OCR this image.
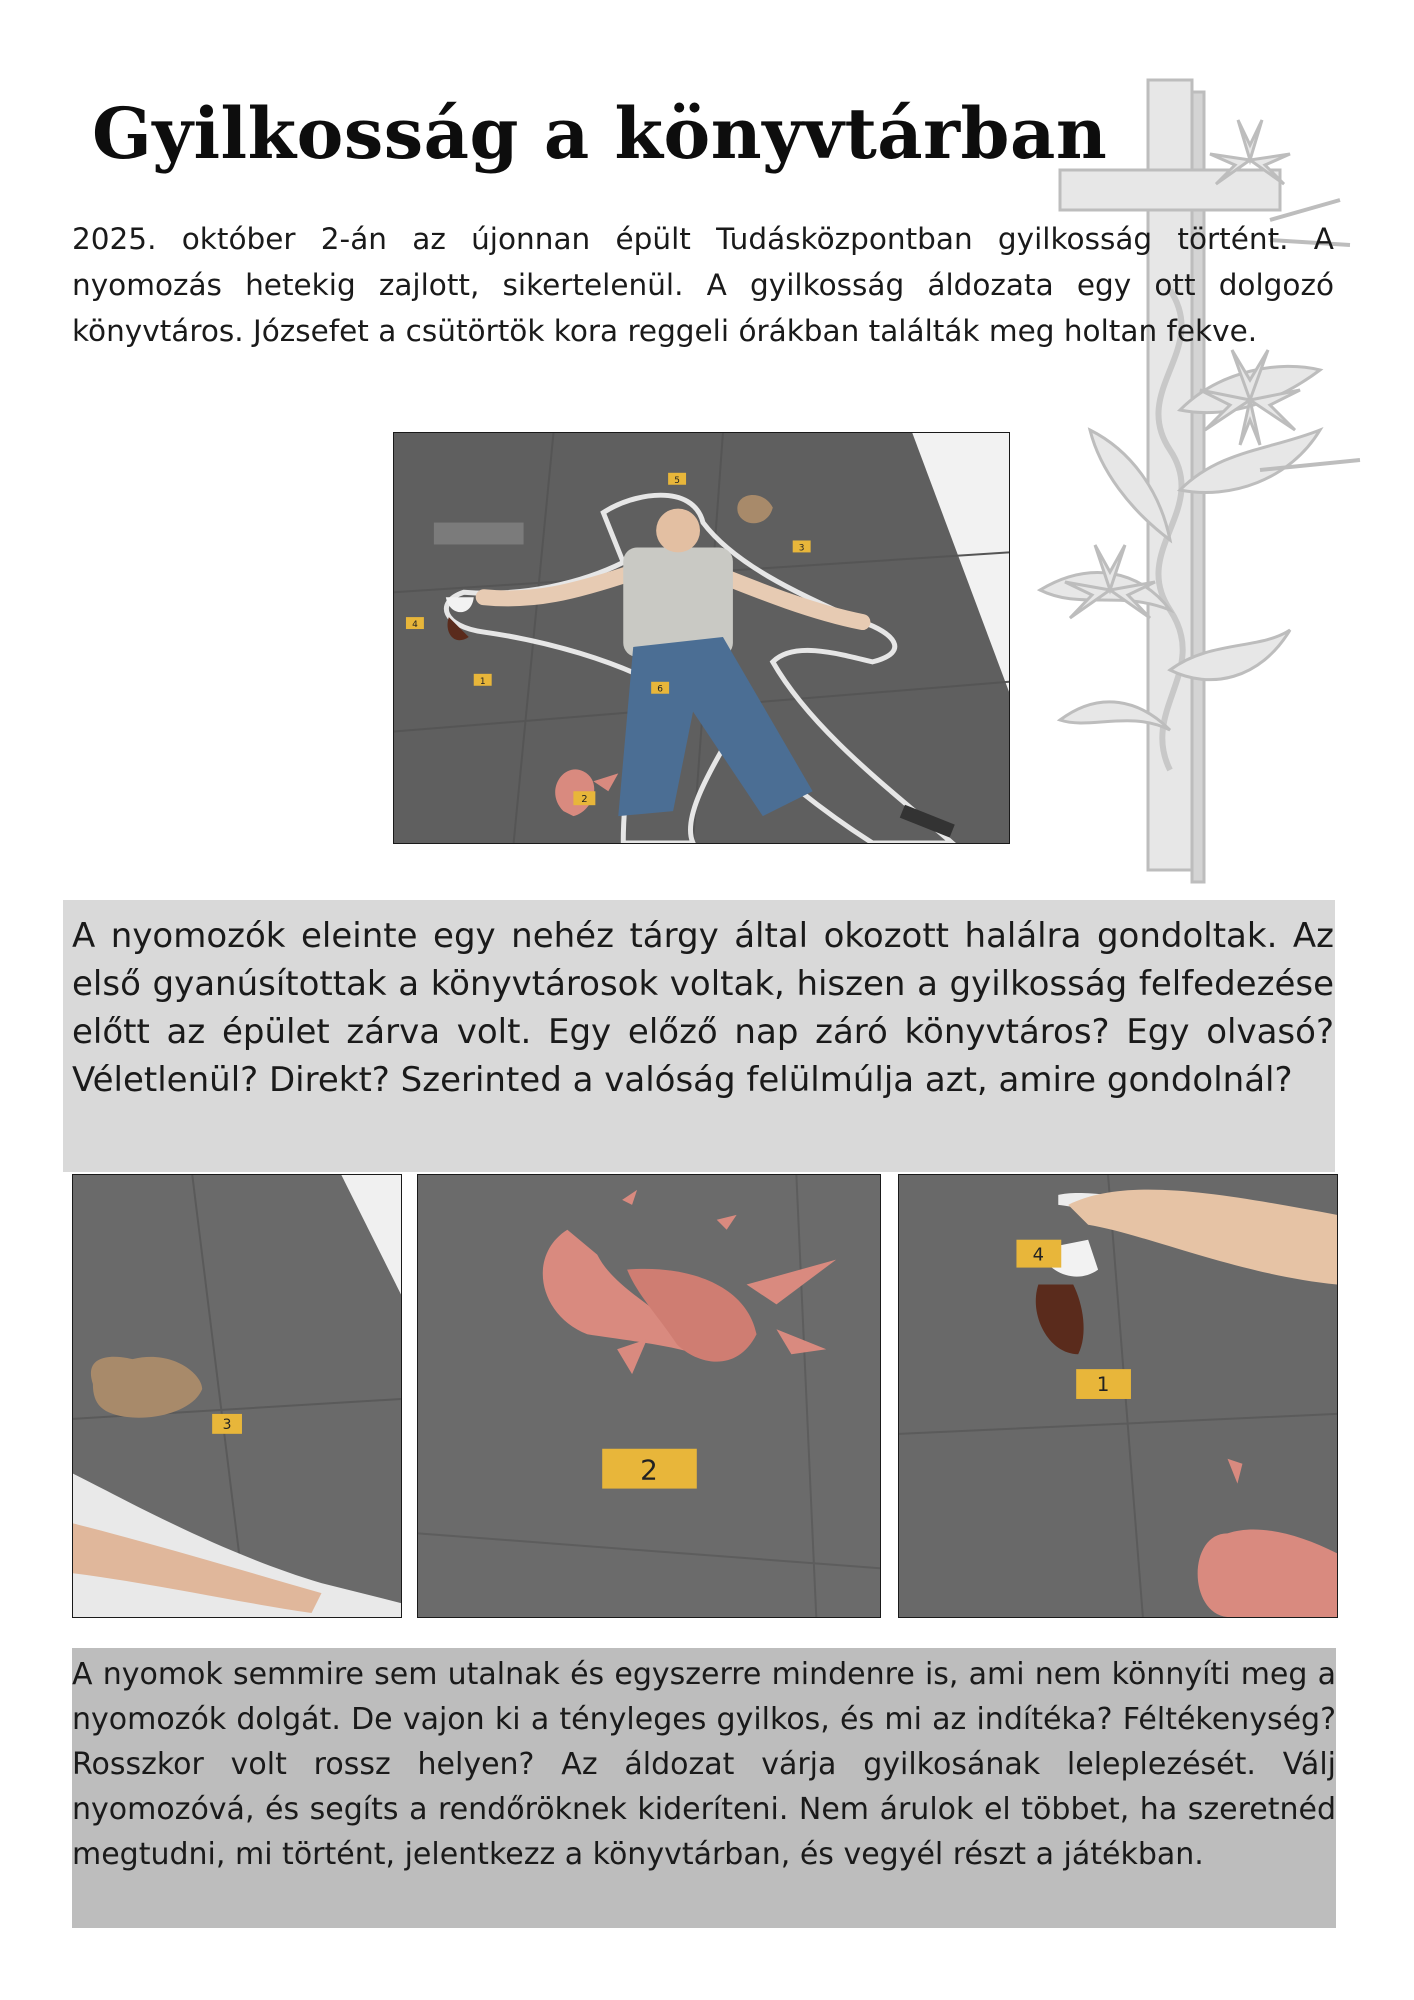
Gyilkosság a könyvtárban

2025. október 2-án az újonnan épült Tudásközpontban gyilkosság történt. A nyomozás hetekig zajlott, sikertelenül. A gyilkosság áldozata egy ott dolgozó könyvtáros. Józsefet a csütörtök kora reggeli órákban találták meg holtan fekve.

5
3
4
1
6
2

A nyomozók eleinte egy nehéz tárgy által okozott halálra gondoltak. Az első gyanúsítottak a könyvtárosok voltak, hiszen a gyilkosság felfedezése előtt az épület zárva volt. Egy előző nap záró könyvtáros? Egy olvasó? Véletlenül? Direkt? Szerinted a valóság felülmúlja azt, amire gondolnál?

3
2
4
1

A nyomok semmire sem utalnak és egyszerre mindenre is, ami nem könnyíti meg a nyomozók dolgát. De vajon ki a tényleges gyilkos, és mi az indítéka? Féltékenység? Rosszkor volt rossz helyen? Az áldozat várja gyilkosának leleplezését. Válj nyomozóvá, és segíts a rendőröknek kideríteni. Nem árulok el többet, ha szeretnéd megtudni, mi történt, jelentkezz a könyvtárban, és vegyél részt a játékban.
